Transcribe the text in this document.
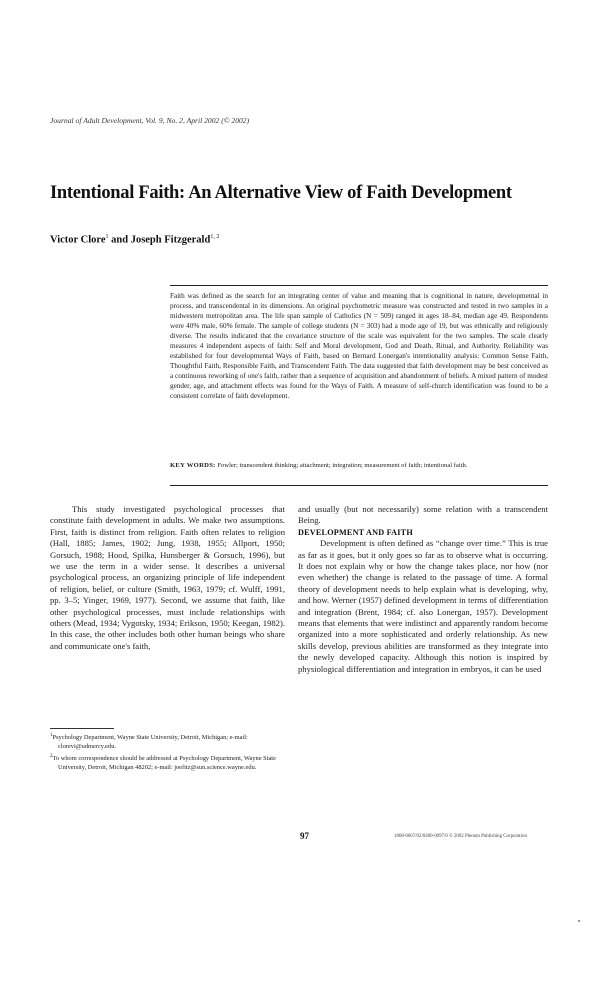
Journal of Adult Development, Vol. 9, No. 2, April 2002 (© 2002)
Intentional Faith: An Alternative View of Faith Development
Victor Clore$^1$ and Joseph Fitzgerald$^{1, 2}$
Faith was defined as the search for an integrating center of value and meaning that is cognitional in nature, developmental in process, and transcendental in its dimensions. An original psychometric measure was constructed and tested in two samples in a midwestern metropolitan area. The life span sample of Catholics (N = 509) ranged in ages 18–84, median age 49. Respondents were 40% male, 60% female. The sample of college students (N = 303) had a mode age of 19, but was ethnically and religiously diverse. The results indicated that the covariance structure of the scale was equivalent for the two samples. The scale clearly measures 4 independent aspects of faith: Self and Moral development, God and Death, Ritual, and Authority. Reliability was established for four developmental Ways of Faith, based on Bernard Lonergan's intentionality analysis: Common Sense Faith, Thoughtful Faith, Responsible Faith, and Transcendent Faith. The data suggested that faith development may be best conceived as a continuous reworking of one's faith, rather than a sequence of acquisition and abandonment of beliefs. A mixed pattern of modest gender, age, and attachment effects was found for the Ways of Faith. A measure of self-church identification was found to be a consistent correlate of faith development.
KEY WORDS: Fowler; transcendent thinking; attachment; integration; measurement of faith; intentional faith.

This study investigated psychological processes that constitute faith development in adults. We make two assumptions. First, faith is distinct from religion. Faith often relates to religion (Hall, 1885; James, 1902; Jung, 1938, 1955; Allport, 1950; Gorsuch, 1988; Hood, Spilka, Hunsberger & Gorsuch, 1996), but we use the term in a wider sense. It describes a universal psychological process, an organizing principle of life independent of religion, belief, or culture (Smith, 1963, 1979; cf. Wulff, 1991, pp. 3–5; Yinger, 1969, 1977). Second, we assume that faith, like other psychological processes, must include relationships with others (Mead, 1934; Vygotsky, 1934; Erikson, 1950; Keegan, 1982). In this case, the other includes both other human beings who share and communicate one's faith,

and usually (but not necessarily) some relation with a transcendent Being.

DEVELOPMENT AND FAITH

Development is often defined as “change over time.” This is true as far as it goes, but it only goes so far as to observe what is occurring. It does not explain why or how the change takes place, nor how (nor even whether) the change is related to the passage of time. A formal theory of development needs to help explain what is developing, why, and how. Werner (1957) defined development in terms of differentiation and integration (Brent, 1984; cf. also Lonergan, 1957). Development means that elements that were indistinct and apparently random become organized into a more sophisticated and orderly relationship. As new skills develop, previous abilities are transformed as they integrate into the newly developed capacity. Although this notion is inspired by physiological differentiation and integration in embryos, it can be used

$^1$Psychology Department, Wayne State University, Detroit, Michigan; e-mail: clorevi@udmercy.edu.
$^2$To whom correspondence should be addressed at Psychology Department, Wayne State University, Detroit, Michigan 48202; e-mail: joefitz@sun.science.wayne.edu.
97	1068-0667/02/0400-0097/0 © 2002 Plenum Publishing Corporation
